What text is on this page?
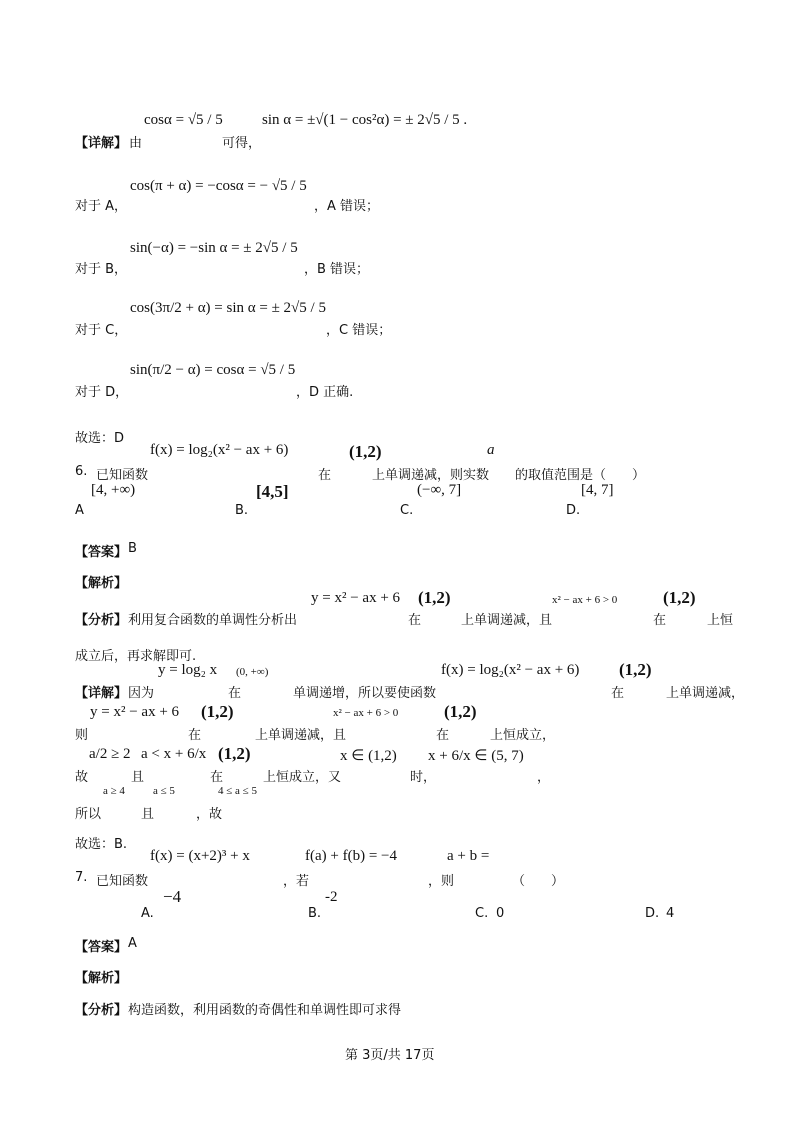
cosα = √5 / 5	sin α = ±√(1 − cos²α) = ± 2√5 / 5 .
【详解】 由	可得，
cos(π + α) = −cosα = − √5 / 5
对于 A，	，A 错误；
sin(−α) = −sin α = ± 2√5 / 5
对于 B，	，B 错误；
cos(3π/2 + α) = sin α = ± 2√5 / 5
对于 C，	，C 错误；
sin(π/2 − α) = cosα = √5 / 5
对于 D，	，D 正确.
故选：D
f(x) = log₂(x² − ax + 6)	(1,2)	a
6. 已知函数	在	上单调递减，则实数 的取值范围是（　　）
[4, +∞)	[4,5]	(−∞, 7]	[4, 7]
A	B.	C.	D.
【答案】 B
【解析】
y = x² − ax + 6 (1,2)	x² − ax + 6 > 0	(1,2)
【分析】 利用复合函数的单调性分析出	在	上单调递减，且	在	上恒
成立后，再求解即可.
y = log₂ x (0, +∞)	f(x) = log₂(x² − ax + 6) (1,2)
【详解】 因为	在	单调递增，所以要使函数	在	上单调递减，
y = x² − ax + 6 (1,2)	x² − ax + 6 > 0	(1,2)
则	在	上单调递减，且	在	上恒成立，
a/2 ≥ 2 a < x + 6/x (1,2)	x ∈ (1,2) x + 6/x ∈ (5, 7)
故	且	在	上恒成立，又	时，	，
a ≥ 4	a ≤ 5	4 ≤ a ≤ 5
所以	且	，故
故选：B.
f(x) = (x+2)³ + x	f(a) + f(b) = −4	a + b =
7. 已知函数	，若	，则	（　　）
−4	-2
A.	B.	C. 0	D. 4
【答案】 A
【解析】
【分析】 构造函数，利用函数的奇偶性和单调性即可求得
第 3页/共 17页
